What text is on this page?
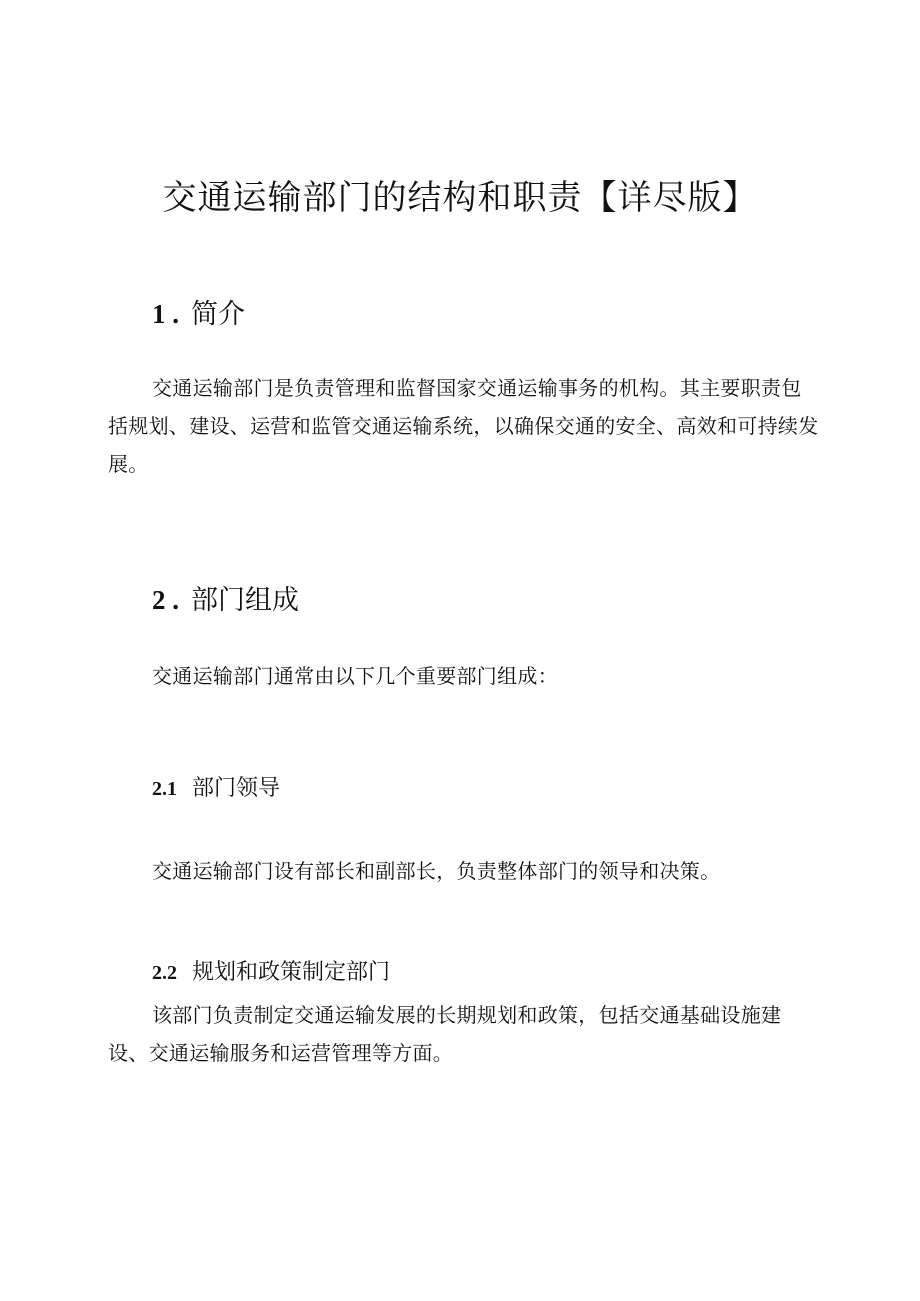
交通运输部门的结构和职责【详尽版】
1 . 简介

交通运输部门是负责管理和监督国家交通运输事务的机构。其主要职责包括规划、建设、运营和监管交通运输系统，以确保交通的安全、高效和可持续发展。

2 . 部门组成

交通运输部门通常由以下几个重要部门组成：

2.1 部门领导

交通运输部门设有部长和副部长，负责整体部门的领导和决策。

2.2 规划和政策制定部门

该部门负责制定交通运输发展的长期规划和政策，包括交通基础设施建设、交通运输服务和运营管理等方面。
